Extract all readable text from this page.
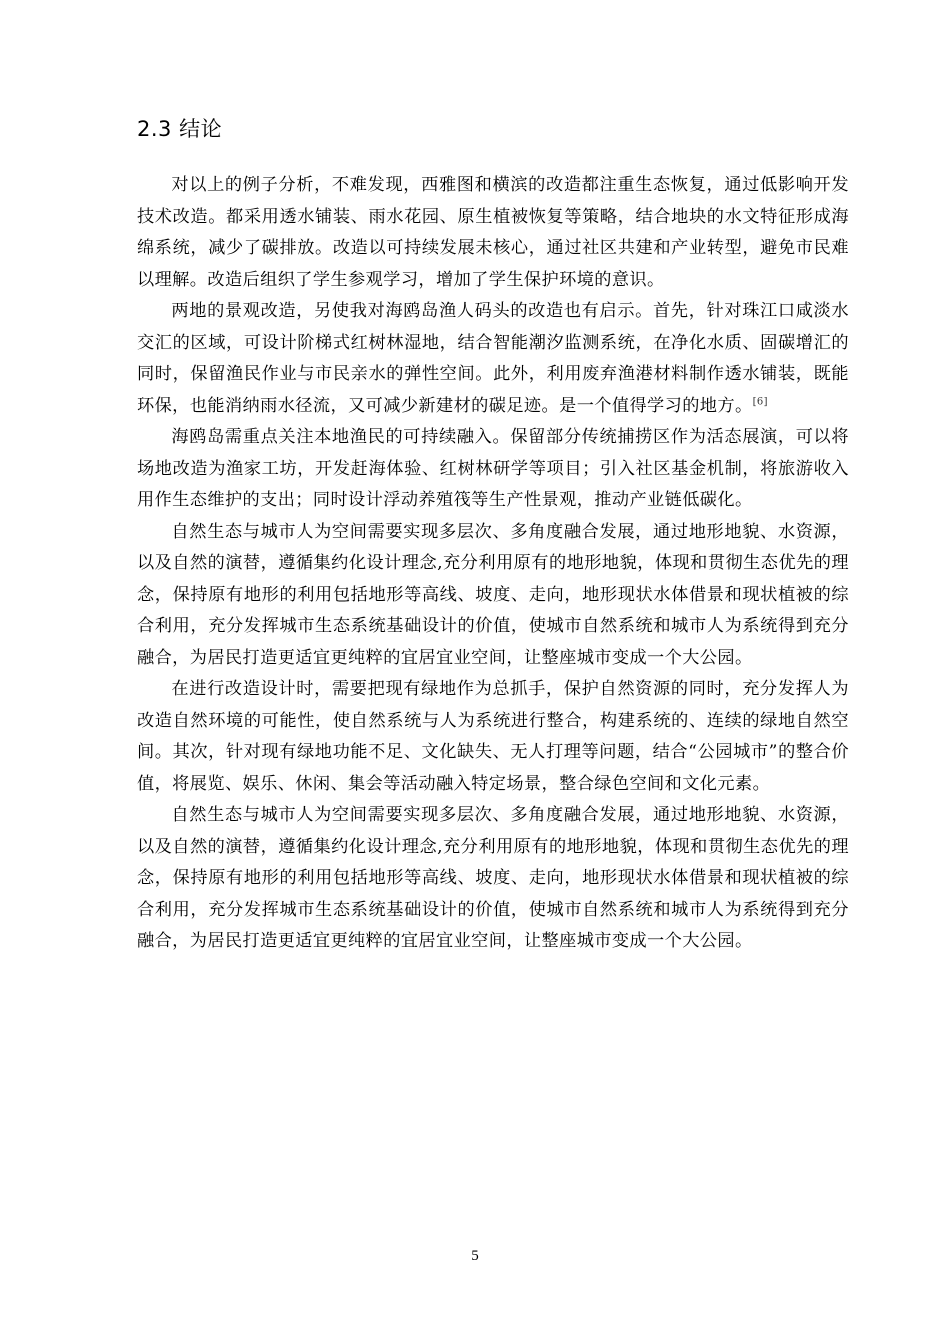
2.3 结论

对以上的例子分析，不难发现，西雅图和横滨的改造都注重生态恢复，通过低影响开发技术改造。都采用透水铺装、雨水花园、原生植被恢复等策略，结合地块的水文特征形成海绵系统，减少了碳排放。改造以可持续发展未核心，通过社区共建和产业转型，避免市民难以理解。改造后组织了学生参观学习，增加了学生保护环境的意识。

两地的景观改造，另使我对海鸥岛渔人码头的改造也有启示。首先，针对珠江口咸淡水交汇的区域，可设计阶梯式红树林湿地，结合智能潮汐监测系统，在净化水质、固碳增汇的同时，保留渔民作业与市民亲水的弹性空间。此外，利用废弃渔港材料制作透水铺装，既能环保，也能消纳雨水径流，又可减少新建材的碳足迹。是一个值得学习的地方。[6]

海鸥岛需重点关注本地渔民的可持续融入。保留部分传统捕捞区作为活态展演，可以将场地改造为渔家工坊，开发赶海体验、红树林研学等项目；引入社区基金机制，将旅游收入用作生态维护的支出；同时设计浮动养殖筏等生产性景观，推动产业链低碳化。

自然生态与城市人为空间需要实现多层次、多角度融合发展，通过地形地貌、水资源，以及自然的演替，遵循集约化设计理念,充分利用原有的地形地貌，体现和贯彻生态优先的理念，保持原有地形的利用包括地形等高线、坡度、走向，地形现状水体借景和现状植被的综合利用，充分发挥城市生态系统基础设计的价值，使城市自然系统和城市人为系统得到充分融合，为居民打造更适宜更纯粹的宜居宜业空间，让整座城市变成一个大公园。

在进行改造设计时，需要把现有绿地作为总抓手，保护自然资源的同时，充分发挥人为改造自然环境的可能性，使自然系统与人为系统进行整合，构建系统的、连续的绿地自然空间。其次，针对现有绿地功能不足、文化缺失、无人打理等问题，结合“公园城市”的整合价值，将展览、娱乐、休闲、集会等活动融入特定场景，整合绿色空间和文化元素。

自然生态与城市人为空间需要实现多层次、多角度融合发展，通过地形地貌、水资源，以及自然的演替，遵循集约化设计理念,充分利用原有的地形地貌，体现和贯彻生态优先的理念，保持原有地形的利用包括地形等高线、坡度、走向，地形现状水体借景和现状植被的综合利用，充分发挥城市生态系统基础设计的价值，使城市自然系统和城市人为系统得到充分融合，为居民打造更适宜更纯粹的宜居宜业空间，让整座城市变成一个大公园。

5
